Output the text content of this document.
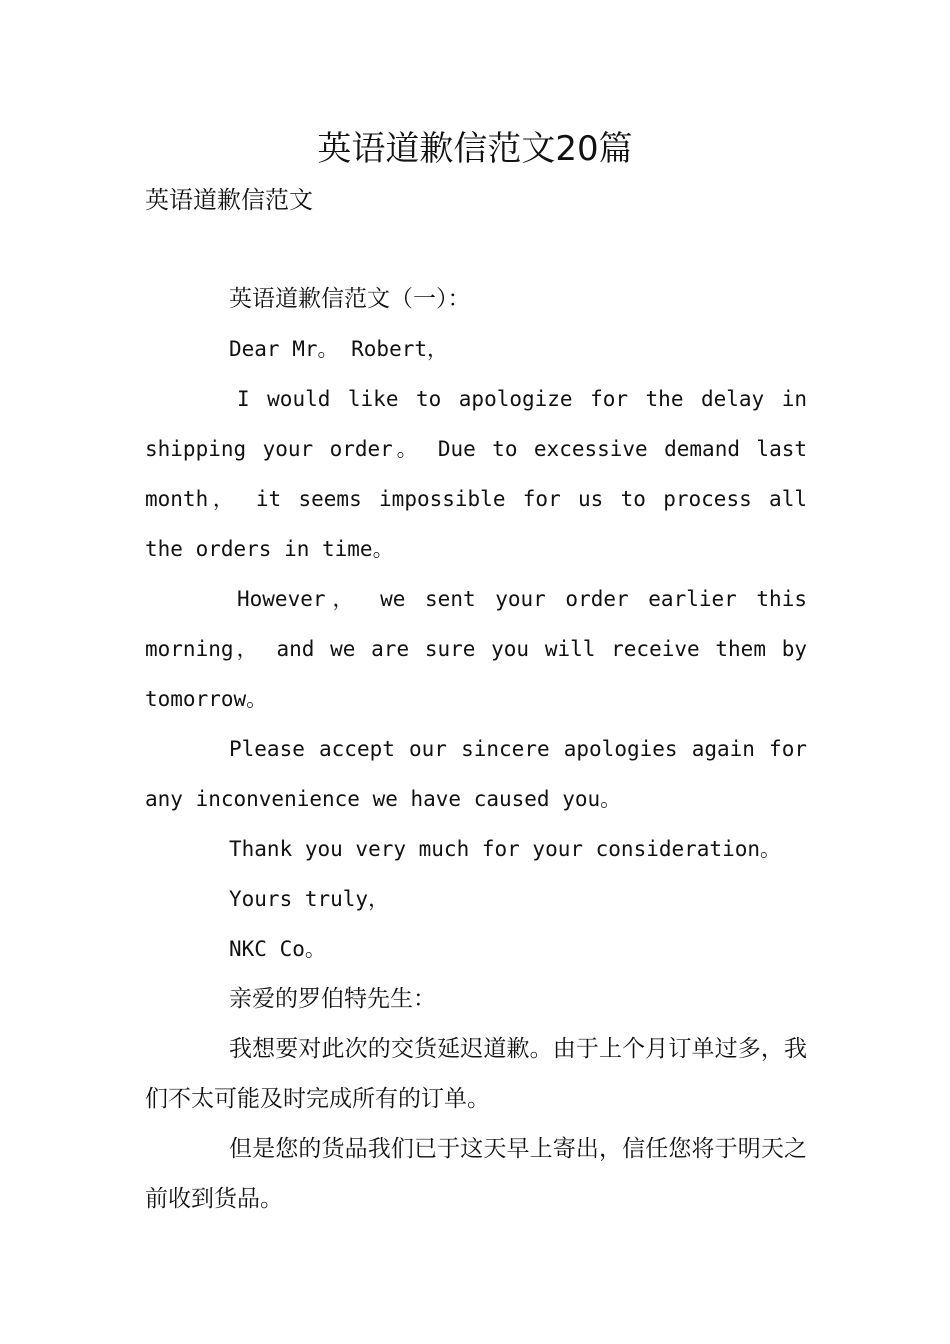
英语道歉信范文20篇

英语道歉信范文

英语道歉信范文（一）：

Dear Mr。 Robert，

I would like to apologize for the delay in shipping your order。 Due to excessive demand last month， it seems impossible for us to process all the orders in time。

However， we sent your order earlier this morning， and we are sure you will receive them by tomorrow。

Please accept our sincere apologies again for any inconvenience we have caused you。

Thank you very much for your consideration。

Yours truly，

NKC Co。

亲爱的罗伯特先生：

我想要对此次的交货延迟道歉。由于上个月订单过多，我们不太可能及时完成所有的订单。

但是您的货品我们已于这天早上寄出，信任您将于明天之前收到货品。
